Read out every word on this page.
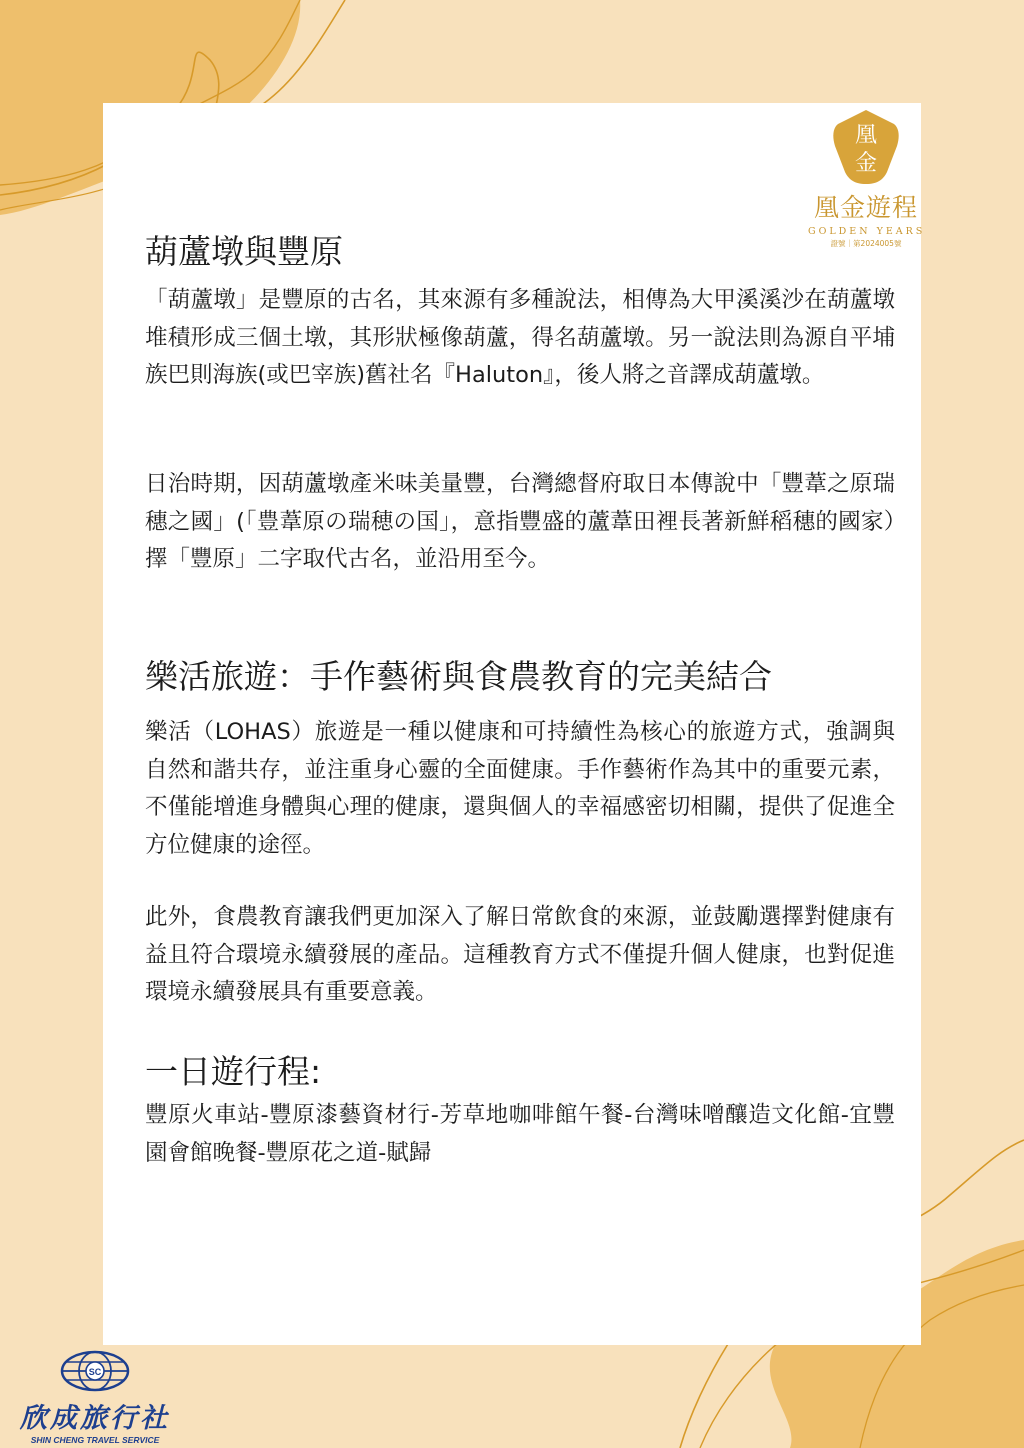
凰
金
凰金遊程
GOLDEN YEARS
證號｜第2024005號
葫蘆墩與豐原

「葫蘆墩」是豐原的古名，其來源有多種說法，相傳為大甲溪溪沙在葫蘆墩堆積形成三個土墩，其形狀極像葫蘆，得名葫蘆墩。另一說法則為源自平埔族巴則海族(或巴宰族)舊社名『Haluton』，後人將之音譯成葫蘆墩。

日治時期，因葫蘆墩產米味美量豐，台灣總督府取日本傳說中「豐葦之原瑞穗之國」(「豊葦原の瑞穂の国」，意指豐盛的蘆葦田裡長著新鮮稻穗的國家）擇「豐原」二字取代古名，並沿用至今。

樂活旅遊：手作藝術與食農教育的完美結合

樂活（LOHAS）旅遊是一種以健康和可持續性為核心的旅遊方式，強調與自然和諧共存，並注重身心靈的全面健康。手作藝術作為其中的重要元素，不僅能增進身體與心理的健康，還與個人的幸福感密切相關，提供了促進全方位健康的途徑。

此外，食農教育讓我們更加深入了解日常飲食的來源，並鼓勵選擇對健康有益且符合環境永續發展的產品。這種教育方式不僅提升個人健康，也對促進環境永續發展具有重要意義。

一日遊行程:

豐原火車站-豐原漆藝資材行-芳草地咖啡館午餐-台灣味噌釀造文化館-宜豐園會館晚餐-豐原花之道-賦歸

SC
欣成旅行社
SHIN CHENG TRAVEL SERVICE
